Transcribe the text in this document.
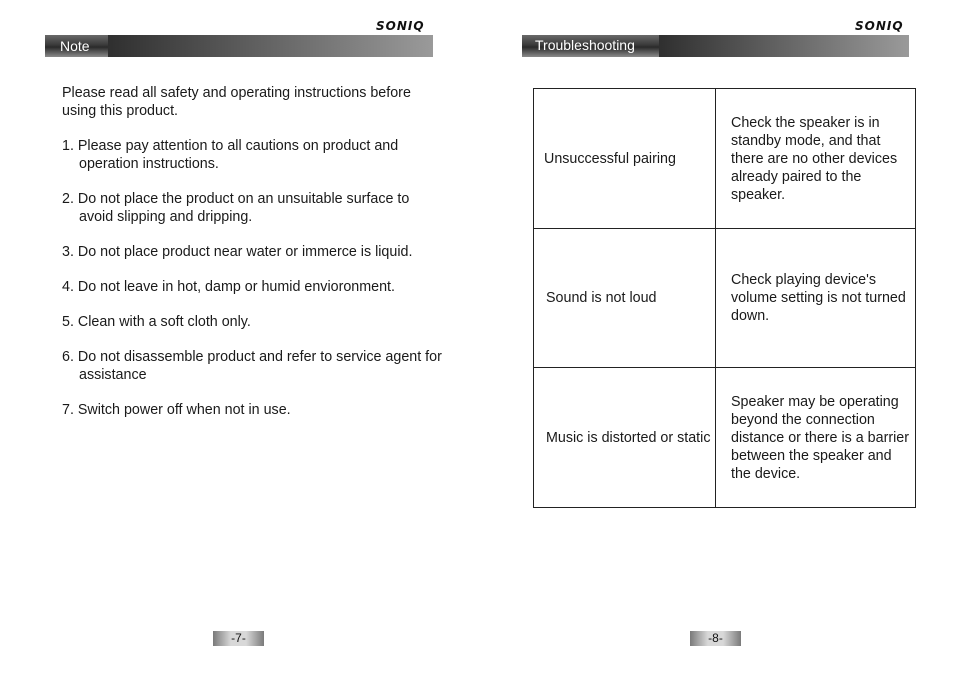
SONIQ
Note

Please read all safety and operating instructions before using this product.

1. Please pay attention to all cautions on product and operation instructions.
2. Do not place the product on an unsuitable surface to avoid slipping and dripping.
3. Do not place product near water or immerce is liquid.
4. Do not leave in hot, damp or humid envioronment.
5. Clean with a soft cloth only.
6. Do not disassemble product and refer to service agent for assistance
7. Switch power off when not in use.
-7-
SONIQ
Troubleshooting
Unsuccessful pairing	Check the speaker is in standby mode, and that there are no other devices already paired to the speaker.

Sound is not loud	Check playing device's volume setting is not turned down.

Music is distorted or static	Speaker may be operating beyond the connection distance or there is a barrier between the speaker and the device.
-8-
